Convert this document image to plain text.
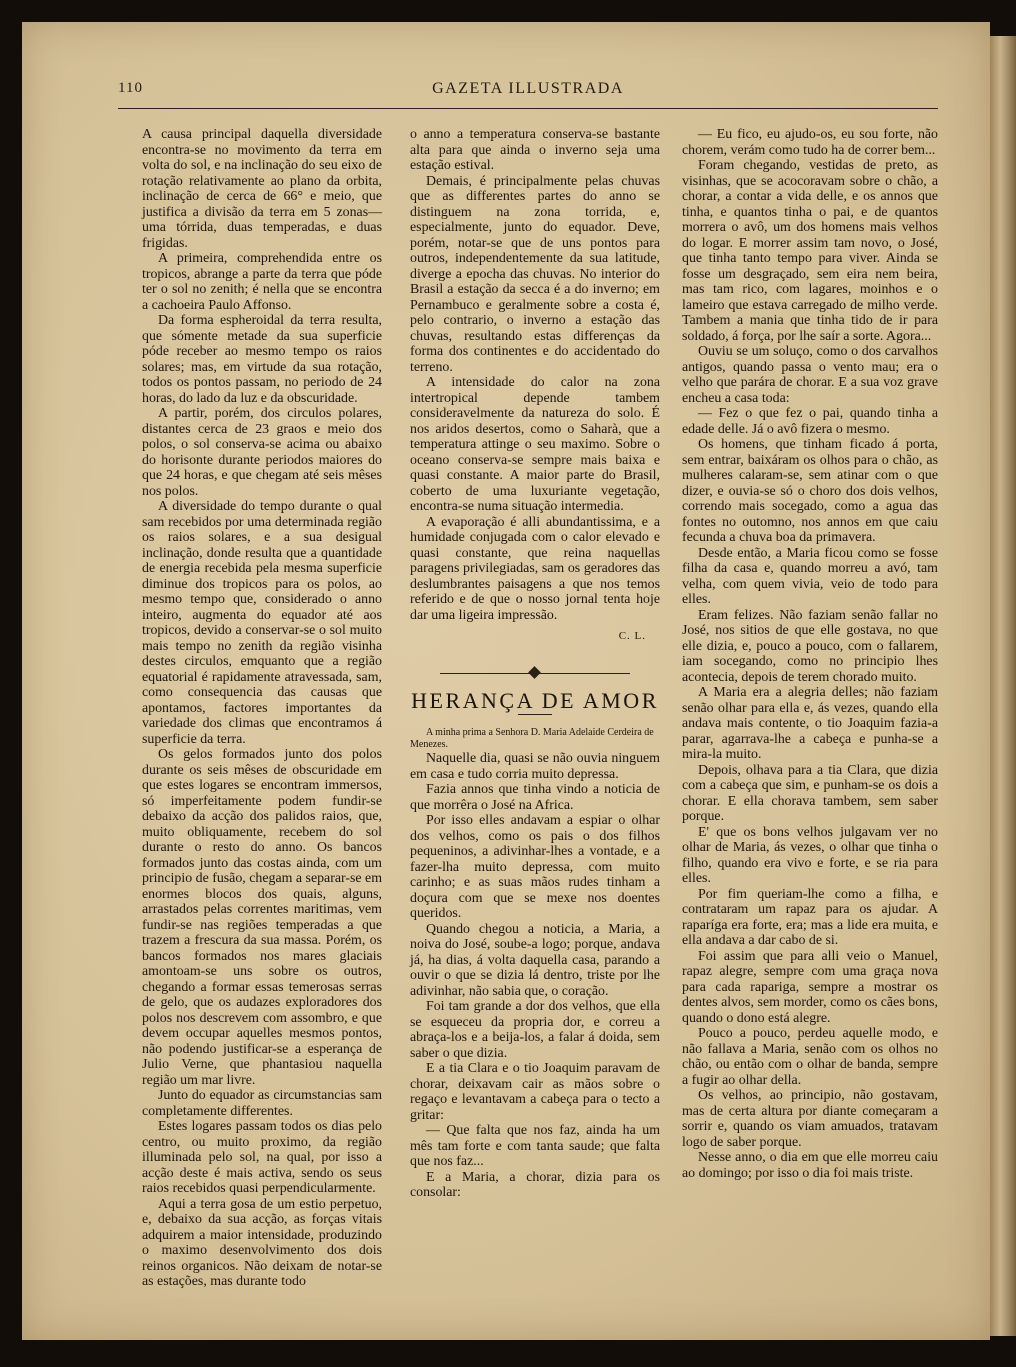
110	GAZETA ILLUSTRADA

A causa principal daquella diversidade encontra-se no movimento da terra em volta do sol, e na inclinação do seu eixo de rotação relativamente ao plano da orbita, inclinação de cerca de 66° e meio, que justifica a divisão da terra em 5 zonas—uma tórrida, duas temperadas, e duas frigidas.

A primeira, comprehendida entre os tropicos, abrange a parte da terra que póde ter o sol no zenith; é nella que se encontra a cachoeira Paulo Affonso.

Da forma espheroidal da terra resulta, que sómente metade da sua superficie póde receber ao mesmo tempo os raios solares; mas, em virtude da sua rotação, todos os pontos passam, no periodo de 24 horas, do lado da luz e da obscuridade.

A partir, porém, dos circulos polares, distantes cerca de 23 graos e meio dos polos, o sol conserva-se acima ou abaixo do horisonte durante periodos maiores do que 24 horas, e que chegam até seis mêses nos polos.

A diversidade do tempo durante o qual sam recebidos por uma determinada região os raios solares, e a sua desigual inclinação, donde resulta que a quantidade de energia recebida pela mesma superficie diminue dos tropicos para os polos, ao mesmo tempo que, considerado o anno inteiro, augmenta do equador até aos tropicos, devido a conservar-se o sol muito mais tempo no zenith da região visinha destes circulos, emquanto que a região equatorial é rapidamente atravessada, sam, como consequencia das causas que apontamos, factores importantes da variedade dos climas que encontramos á superficie da terra.

Os gelos formados junto dos polos durante os seis mêses de obscuridade em que estes logares se encontram immersos, só imperfeitamente podem fundir-se debaixo da acção dos palidos raios, que, muito obliquamente, recebem do sol durante o resto do anno. Os bancos formados junto das costas ainda, com um principio de fusão, chegam a separar-se em enormes blocos dos quais, alguns, arrastados pelas correntes maritimas, vem fundir-se nas regiões temperadas a que trazem a frescura da sua massa. Porém, os bancos formados nos mares glaciais amontoam-se uns sobre os outros, chegando a formar essas temerosas serras de gelo, que os audazes exploradores dos polos nos descrevem com assombro, e que devem occupar aquelles mesmos pontos, não podendo justificar-se a esperança de Julio Verne, que phantasiou naquella região um mar livre.

Junto do equador as circumstancias sam completamente differentes.

Estes logares passam todos os dias pelo centro, ou muito proximo, da região illuminada pelo sol, na qual, por isso a acção deste é mais activa, sendo os seus raios recebidos quasi perpendicularmente.

Aqui a terra gosa de um estio perpetuo, e, debaixo da sua acção, as forças vitais adquirem a maior intensidade, produzindo o maximo desenvolvimento dos dois reinos organicos. Não deixam de notar-se as estações, mas durante todo

o anno a temperatura conserva-se bastante alta para que ainda o inverno seja uma estação estival.

Demais, é principalmente pelas chuvas que as differentes partes do anno se distinguem na zona torrida, e, especialmente, junto do equador. Deve, porém, notar-se que de uns pontos para outros, independentemente da sua latitude, diverge a epocha das chuvas. No interior do Brasil a estação da secca é a do inverno; em Pernambuco e geralmente sobre a costa é, pelo contrario, o inverno a estação das chuvas, resultando estas differenças da forma dos continentes e do accidentado do terreno.

A intensidade do calor na zona intertropical depende tambem consideravelmente da natureza do solo. É nos aridos desertos, como o Saharà, que a temperatura attinge o seu maximo. Sobre o oceano conserva-se sempre mais baixa e quasi constante. A maior parte do Brasil, coberto de uma luxuriante vegetação, encontra-se numa situação intermedia.

A evaporação é alli abundantissima, e a humidade conjugada com o calor elevado e quasi constante, que reina naquellas paragens privilegiadas, sam os geradores das deslumbrantes paisagens a que nos temos referido e de que o nosso jornal tenta hoje dar uma ligeira impressão.

C. L.
HERANÇA DE AMOR

A minha prima a Senhora D. Maria Adelaide Cerdeira de Menezes.

Naquelle dia, quasi se não ouvia ninguem em casa e tudo corria muito depressa.

Fazia annos que tinha vindo a noticia de que morrêra o José na Africa.

Por isso elles andavam a espiar o olhar dos velhos, como os pais o dos filhos pequeninos, a adivinhar-lhes a vontade, e a fazer-lha muito depressa, com muito carinho; e as suas mãos rudes tinham a doçura com que se mexe nos doentes queridos.

Quando chegou a noticia, a Maria, a noiva do José, soube-a logo; porque, andava já, ha dias, á volta daquella casa, parando a ouvir o que se dizia lá dentro, triste por lhe adivinhar, não sabia que, o coração.

Foi tam grande a dor dos velhos, que ella se esqueceu da propria dor, e correu a abraça-los e a beija-los, a falar á doida, sem saber o que dizia.

E a tia Clara e o tio Joaquim paravam de chorar, deixavam cair as mãos sobre o regaço e levantavam a cabeça para o tecto a gritar:

— Que falta que nos faz, ainda ha um mês tam forte e com tanta saude; que falta que nos faz...

E a Maria, a chorar, dizia para os consolar:

— Eu fico, eu ajudo-os, eu sou forte, não chorem, verám como tudo ha de correr bem...

Foram chegando, vestidas de preto, as visinhas, que se acocoravam sobre o chão, a chorar, a contar a vida delle, e os annos que tinha, e quantos tinha o pai, e de quantos morrera o avô, um dos homens mais velhos do logar. E morrer assim tam novo, o José, que tinha tanto tempo para viver. Ainda se fosse um desgraçado, sem eira nem beira, mas tam rico, com lagares, moinhos e o lameiro que estava carregado de milho verde. Tambem a mania que tinha tido de ir para soldado, á força, por lhe saír a sorte. Agora...

Ouviu se um soluço, como o dos carvalhos antigos, quando passa o vento mau; era o velho que parára de chorar. E a sua voz grave encheu a casa toda:

— Fez o que fez o pai, quando tinha a edade delle. Já o avô fizera o mesmo.

Os homens, que tinham ficado á porta, sem entrar, baixáram os olhos para o chão, as mulheres calaram-se, sem atinar com o que dizer, e ouvia-se só o choro dos dois velhos, correndo mais socegado, como a agua das fontes no outomno, nos annos em que caiu fecunda a chuva boa da primavera.

Desde então, a Maria ficou como se fosse filha da casa e, quando morreu a avó, tam velha, com quem vivia, veio de todo para elles.

Eram felizes. Não faziam senão fallar no José, nos sitios de que elle gostava, no que elle dizia, e, pouco a pouco, com o fallarem, iam socegando, como no principio lhes acontecia, depois de terem chorado muito.

A Maria era a alegria delles; não faziam senão olhar para ella e, ás vezes, quando ella andava mais contente, o tio Joaquim fazia-a parar, agarrava-lhe a cabeça e punha-se a mira-la muito.

Depois, olhava para a tia Clara, que dizia com a cabeça que sim, e punham-se os dois a chorar. E ella chorava tambem, sem saber porque.

E' que os bons velhos julgavam ver no olhar de Maria, ás vezes, o olhar que tinha o filho, quando era vivo e forte, e se ria para elles.

Por fim queriam-lhe como a filha, e contrataram um rapaz para os ajudar. A raparíga era forte, era; mas a lide era muita, e ella andava a dar cabo de si.

Foi assim que para alli veio o Manuel, rapaz alegre, sempre com uma graça nova para cada rapariga, sempre a mostrar os dentes alvos, sem morder, como os cães bons, quando o dono está alegre.

Pouco a pouco, perdeu aquelle modo, e não fallava a Maria, senão com os olhos no chão, ou então com o olhar de banda, sempre a fugir ao olhar della.

Os velhos, ao principio, não gostavam, mas de certa altura por diante começaram a sorrir e, quando os viam amuados, tratavam logo de saber porque.

Nesse anno, o dia em que elle morreu caiu ao domingo; por isso o dia foi mais triste.
